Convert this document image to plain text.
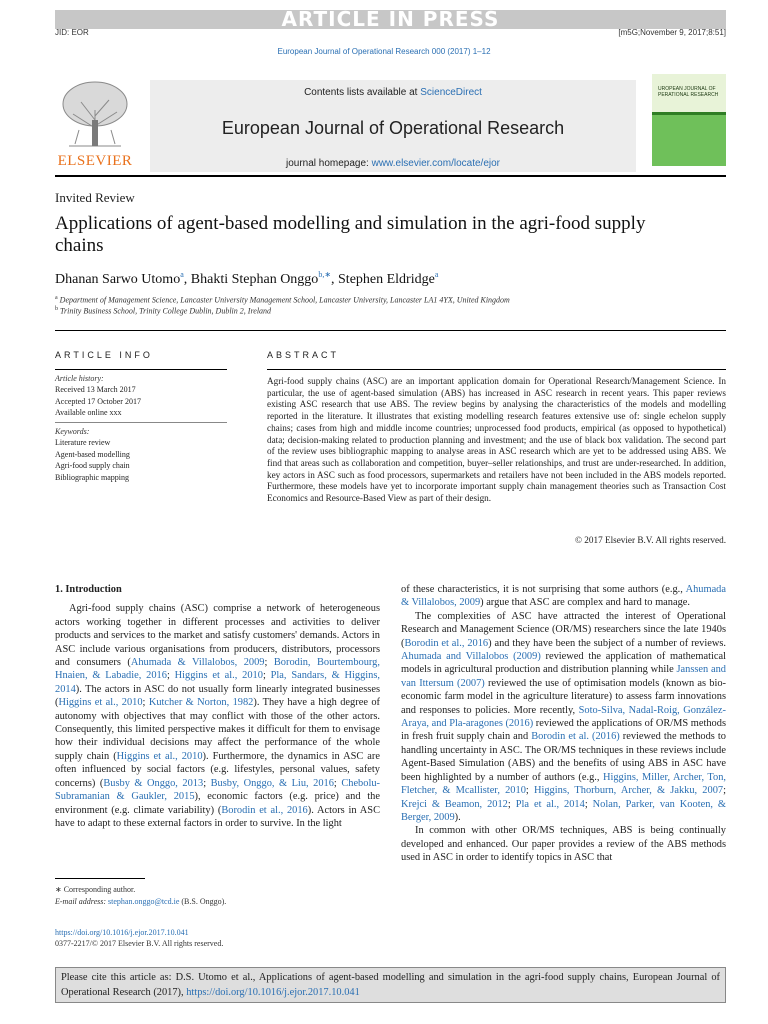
ARTICLE IN PRESS
JID: EOR	[m5G;November 9, 2017;8:51]
European Journal of Operational Research 000 (2017) 1–12
ELSEVIER
Contents lists available at ScienceDirect
European Journal of Operational Research
journal homepage: www.elsevier.com/locate/ejor
UROPEAN JOURNAL OF
PERATIONAL RESEARCH
Invited Review
Applications of agent-based modelling and simulation in the agri-food supply chains
Dhanan Sarwo Utomo$^a$, Bhakti Stephan Onggo$^{b,∗}$, Stephen Eldridge$^a$
$^a$ Department of Management Science, Lancaster University Management School, Lancaster University, Lancaster LA1 4YX, United Kingdom
$^b$ Trinity Business School, Trinity College Dublin, Dublin 2, Ireland
ARTICLE INFO	ABSTRACT
Article history:
Received 13 March 2017
Accepted 17 October 2017
Available online xxx
Keywords:
Literature review
Agent-based modelling
Agri-food supply chain
Bibliographic mapping
Agri-food supply chains (ASC) are an important application domain for Operational Research/Management Science. In particular, the use of agent-based simulation (ABS) has increased in ASC research in recent years. This paper reviews existing ASC research that use ABS. The review begins by analysing the characteristics of the models and modelling reported in the literature. It illustrates that existing modelling research features extensive use of: single echelon supply chains; cases from high and middle income countries; unprocessed food products, empirical (as opposed to hypothetical) data; decision-making related to production planning and investment; and the use of black box validation. The second part of the review uses bibliographic mapping to analyse areas in ASC research which are yet to be addressed using ABS. We find that areas such as collaboration and competition, buyer–seller relationships, and trust are under-researched. In addition, key actors in ASC such as food processors, supermarkets and retailers have not been included in the ABS models reported. Furthermore, these models have yet to incorporate important supply chain management theories such as Transaction Cost Economics and Resource-Based View as part of their design.
© 2017 Elsevier B.V. All rights reserved.
1. Introduction

Agri-food supply chains (ASC) comprise a network of heterogeneous actors working together in different processes and activities to deliver products and services to the market and satisfy customers' demands. Actors in ASC include various organisations from producers, distributors, processors and consumers (Ahumada & Villalobos, 2009; Borodin, Bourtembourg, Hnaien, & Labadie, 2016; Higgins et al., 2010; Pla, Sandars, & Higgins, 2014). The actors in ASC do not usually form linearly integrated businesses (Higgins et al., 2010; Kutcher & Norton, 1982). They have a high degree of autonomy with objectives that may conflict with those of the other actors. Consequently, this limited perspective makes it difficult for them to envisage how their individual decisions may affect the performance of the whole supply chain (Higgins et al., 2010). Furthermore, the dynamics in ASC are often influenced by social factors (e.g. lifestyles, personal values, safety concerns) (Busby & Onggo, 2013; Busby, Onggo, & Liu, 2016; Chebolu-Subramanian & Gaukler, 2015), economic factors (e.g. price) and the environment (e.g. climate variability) (Borodin et al., 2016). Actors in ASC have to adapt to these external factors in order to survive. In the light

of these characteristics, it is not surprising that some authors (e.g., Ahumada & Villalobos, 2009) argue that ASC are complex and hard to manage.

The complexities of ASC have attracted the interest of Operational Research and Management Science (OR/MS) researchers since the late 1940s (Borodin et al., 2016) and they have been the subject of a number of reviews. Ahumada and Villalobos (2009) reviewed the application of mathematical models in agricultural production and distribution planning while Janssen and van Ittersum (2007) reviewed the use of optimisation models (known as bio-economic farm model in the agriculture literature) to assess farm innovations and responses to policies. More recently, Soto-Silva, Nadal-Roig, González-Araya, and Pla-aragones (2016) reviewed the applications of OR/MS methods in fresh fruit supply chain and Borodin et al. (2016) reviewed the methods to handling uncertainty in ASC. The OR/MS techniques in these reviews include Agent-Based Simulation (ABS) and the benefits of using ABS in ASC have been highlighted by a number of authors (e.g., Higgins, Miller, Archer, Ton, Fletcher, & Mcallister, 2010; Higgins, Thorburn, Archer, & Jakku, 2007; Krejci & Beamon, 2012; Pla et al., 2014; Nolan, Parker, van Kooten, & Berger, 2009).

In common with other OR/MS techniques, ABS is being continually developed and enhanced. Our paper provides a review of the ABS methods used in ASC in order to identify topics in ASC that

∗ Corresponding author.
E-mail address: stephan.onggo@tcd.ie (B.S. Onggo).
https://doi.org/10.1016/j.ejor.2017.10.041
0377-2217/© 2017 Elsevier B.V. All rights reserved.
Please cite this article as: D.S. Utomo et al., Applications of agent-based modelling and simulation in the agri-food supply chains, European Journal of Operational Research (2017), https://doi.org/10.1016/j.ejor.2017.10.041
